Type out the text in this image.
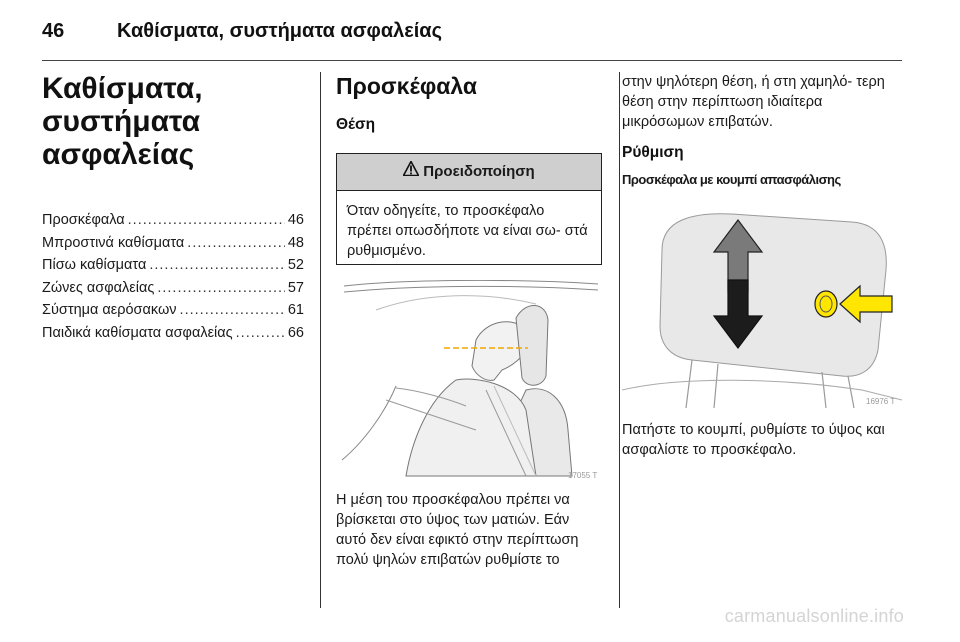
46	Καθίσματα, συστήματα ασφαλείας
Καθίσματα, συστήματα ασφαλείας
Προσκέφαλα .....	46
Μπροστινά καθίσματα .....	48
Πίσω καθίσματα .....	52
Ζώνες ασφαλείας .....	57
Σύστημα αερόσακων .....	61
Παιδικά καθίσματα ασφαλείας .....	66
Προσκέφαλα
Θέση
Προειδοποίηση
Όταν οδηγείτε, το προσκέφαλο πρέπει οπωσδήποτε να είναι σω- στά ρυθμισμένο.
17055 T

Η μέση του προσκέφαλου πρέπει να βρίσκεται στο ύψος των ματιών. Εάν αυτό δεν είναι εφικτό στην περίπτωση πολύ ψηλών επιβατών ρυθμίστε το

στην ψηλότερη θέση, ή στη χαμηλό- τερη θέση στην περίπτωση ιδιαίτερα μικρόσωμων επιβατών.

Ρύθμιση
Προσκέφαλα με κουμπί απασφάλισης
16976 T

Πατήστε το κουμπί, ρυθμίστε το ύψος και ασφαλίστε το προσκέφαλο.

carmanualsonline.info
